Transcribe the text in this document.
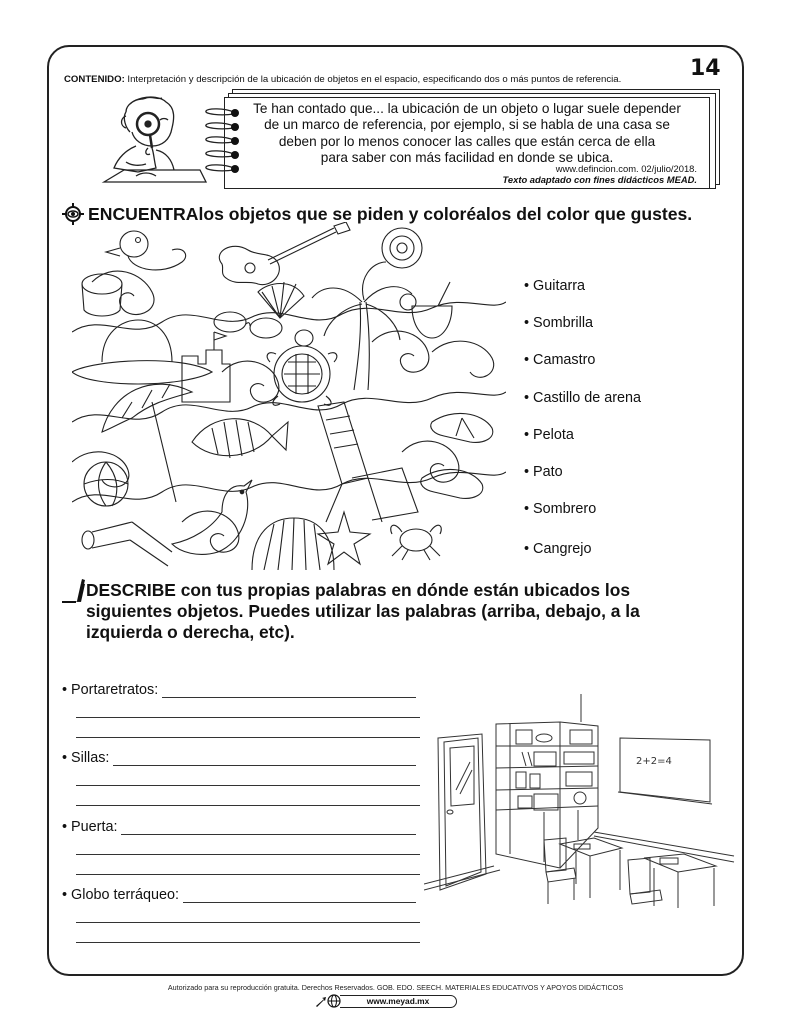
14
CONTENIDO: Interpretación y descripción de la ubicación de objetos en el espacio, especificando dos o más puntos de referencia.
Te han contado que... la ubicación de un objeto o lugar suele depender
de un marco de referencia, por ejemplo, si se habla de una casa se
deben por lo menos conocer las calles que están cerca de ella
para saber con más facilidad en donde se ubica.
www.defincion.com. 02/julio/2018.
Texto adaptado con fines didácticos MEAD.
ENCUENTRA los objetos que se piden y coloréalos del color que gustes.
• Guitarra
• Sombrilla
• Camastro
• Castillo de arena
• Pelota
• Pato
• Sombrero
• Cangrejo
DESCRIBE con tus propias palabras en dónde están ubicados los
siguientes objetos. Puedes utilizar las palabras (arriba, debajo, a la
izquierda o derecha, etc).
•
Portaretratos:
•
Sillas:
•
Puerta:
•
Globo terráqueo:
2+2=4
Autorizado para su reproducción gratuita. Derechos Reservados. GOB. EDO. SEECH. MATERIALES EDUCATIVOS Y APOYOS DIDÁCTICOS
www.meyad.mx
